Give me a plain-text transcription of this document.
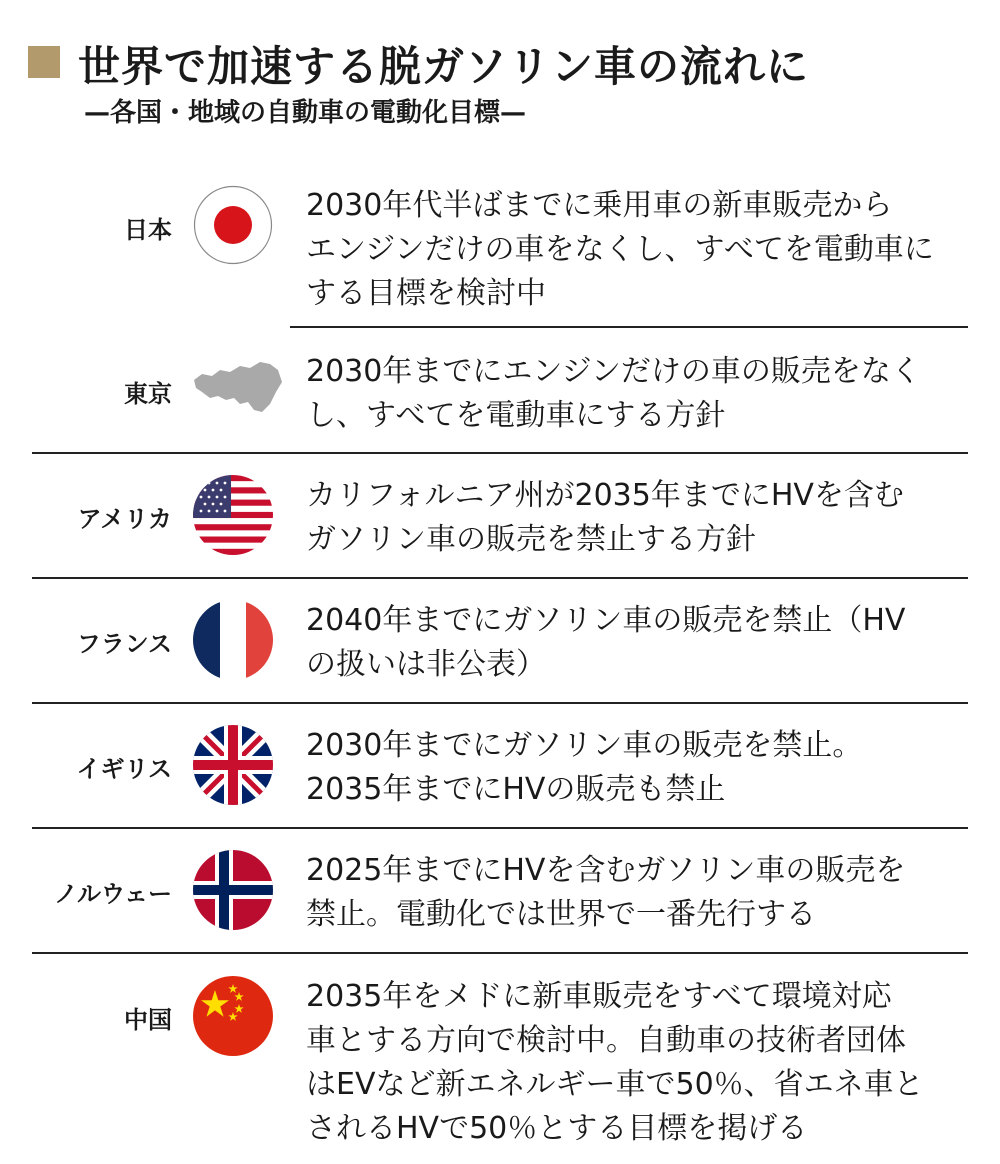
世界で加速する脱ガソリン車の流れに
—各国・地域の自動車の電動化目標—
日本
2030年代半ばまでに乗用車の新車販売から
エンジンだけの車をなくし、すべてを電動車に
する目標を検討中
東京
2030年までにエンジンだけの車の販売をなく
し、すべてを電動車にする方針
アメリカ
カリフォルニア州が2035年までにHVを含む
ガソリン車の販売を禁止する方針
フランス
2040年までにガソリン車の販売を禁止（HV
の扱いは非公表）
イギリス
2030年までにガソリン車の販売を禁止。
2035年までにHVの販売も禁止
ノルウェー
2025年までにHVを含むガソリン車の販売を
禁止。電動化では世界で一番先行する
中国
2035年をメドに新車販売をすべて環境対応
車とする方向で検討中。自動車の技術者団体
はEVなど新エネルギー車で50％、省エネ車と
されるHVで50％とする目標を掲げる
